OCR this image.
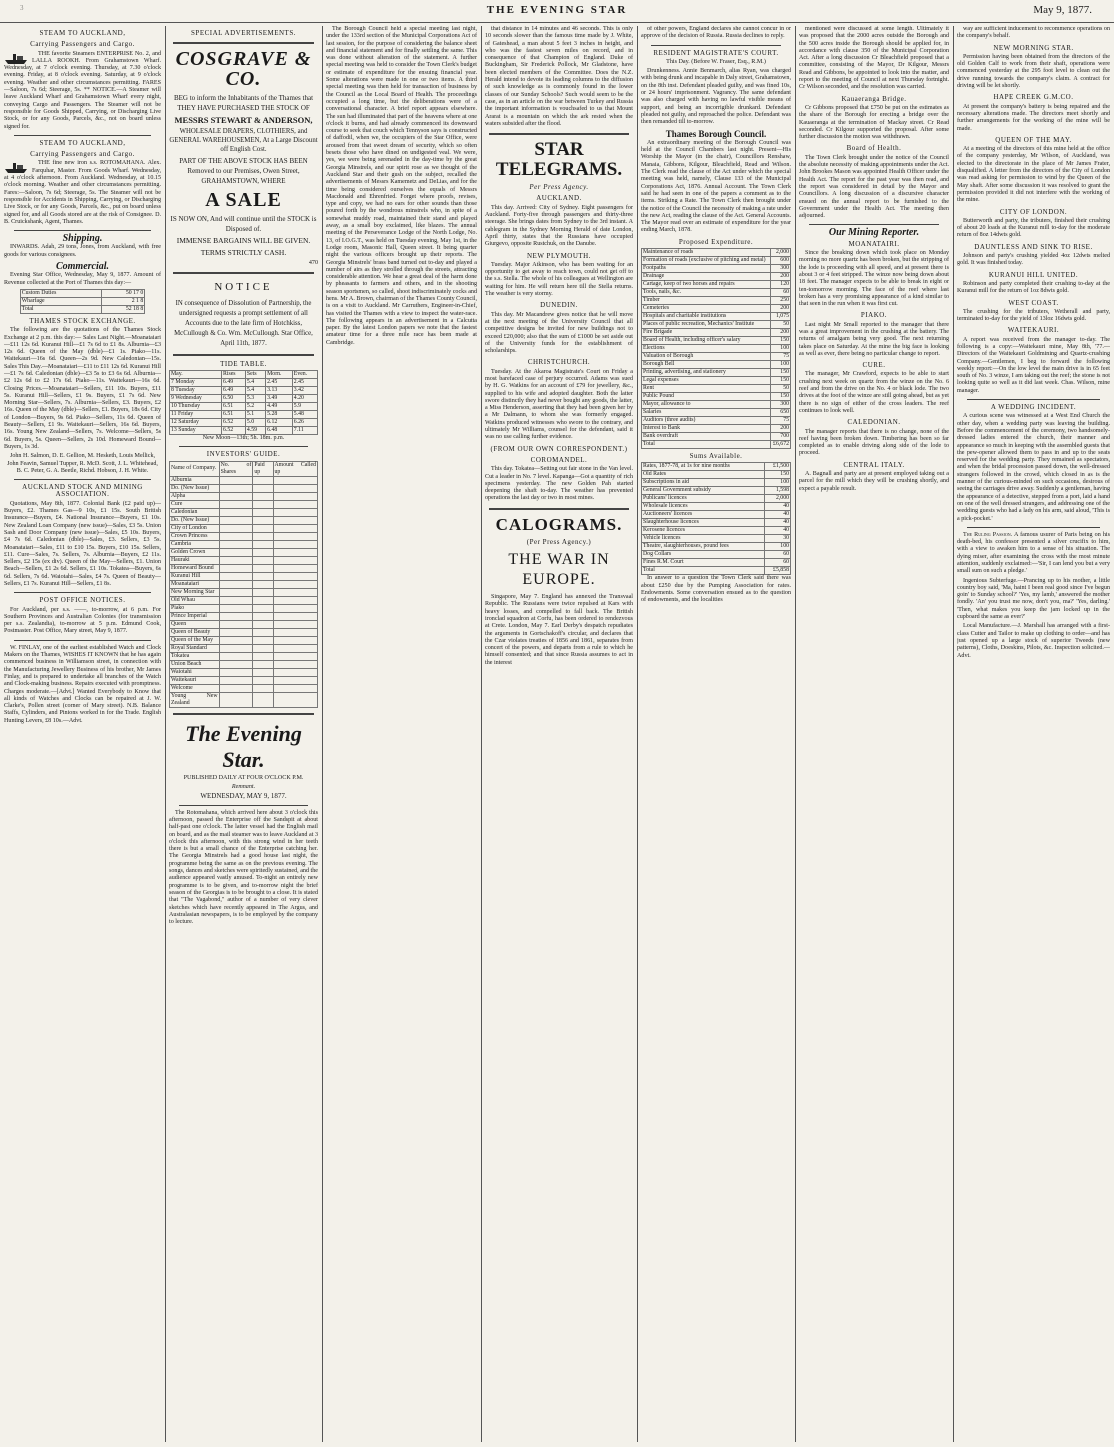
3	THE EVENING STAR	May 9, 1877.
STEAM TO AUCKLAND,
Carrying Passengers and Cargo.

THE favorite Steamers ENTERPRISE No. 2, and LALLA ROOKH. From Grahamstown Wharf. Wednesday, at 7 o'clock evening. Thursday, at 7.30 o'clock evening. Friday, at 8 o'clock evening. Saturday, at 9 o'clock evening. Weather and other circumstances permitting. FARES—Saloon, 7s 6d; Steerage, 5s. ** NOTICE.—A Steamer will leave Auckland Wharf and Grahamstown Wharf every night, conveying Cargo and Passengers. The Steamer will not be responsible for Goods Shipped, Carrying, or Discharging Live Stock, or for any Goods, Parcels, &c., not on board unless signed for.

STEAM TO AUCKLAND,
Carrying Passengers and Cargo.

THE fine new iron s.s. ROTOMAHANA. Alex. Farquhar, Master. From Goods Wharf. Wednesday, at 4 o'clock afternoon. From Auckland. Wednesday, at 10.15 o'clock morning. Weather and other circumstances permitting. Fares:—Saloon, 7s 6d; Steerage, 5s. The Steamer will not be responsible for Accidents in Shipping, Carrying, or Discharging Live Stock, or for any Goods, Parcels, &c., put on board unless signed for, and all Goods stored are at the risk of Consignee. D. B. Cruickshank, Agent, Thames.

Shipping.

INWARDS. Adah, 29 tons, Jones, from Auckland, with free goods for various consignees.

Commercial.

Evening Star Office, Wednesday, May 9, 1877. Amount of Revenue collected at the Port of Thames this day:—

Custom Duties	50 17 0
Wharfage	2 1 8
Total	52 18 8
THAMES STOCK EXCHANGE.

The following are the quotations of the Thames Stock Exchange at 2 p.m. this day:— Sales Last Night.—Moanataiari—£11 12s 6d. Kuranui Hill—£1 7s 6d to £1 8s. Alburnia—£3 12s 6d. Queen of the May (dble)—£1 1s. Piako—11s. Waitekauri—16s 6d. Queen—2s 9d. New Caledonian—15s. Sales This Day.—Moanataiari—£11 to £11 12s 6d. Kuranui Hill—£1 7s 6d. Caledonian (dble)—£3 5s to £3 6s 6d. Alburnia—£2 12s 6d to £2 17s 6d. Piako—11s. Waitekauri—16s 6d. Closing Prices.—Moanataiari—Sellers, £11 10s. Buyers, £11 5s. Kuranui Hill—Sellers, £1 9s. Buyers, £1 7s 6d. New Morning Star—Sellers, 7s. Alburnia—Sellers, £3. Buyers, £2 16s. Queen of the May (dble)—Sellers, £1. Buyers, 18s 6d. City of London—Buyers, 9s 6d. Piako—Sellers, 11s 6d. Queen of Beauty—Sellers, £1 9s. Waitekauri—Sellers, 16s 6d. Buyers, 16s. Young New Zealand—Sellers, 7s. Welcome—Sellers, 5s 6d. Buyers, 5s. Queen—Sellers, 2s 10d. Homeward Bound—Buyers, 1s 3d.

John H. Salmon, D. E. Gellion, M. Hesketh, Louis Mellick, John Feavin, Samuel Tupper, R. McD. Scott, J. L. Whitehead, B. C. Peter, G. A. Beetle, Richd. Hobson, J. H. White.

AUCKLAND STOCK AND MINING ASSOCIATION.

Quotations, May 8th, 1877. Colonial Bank (£2 paid up)—Buyers, £2. Thames Gas—9 10s, £1 15s. South British Insurance—Buyers, £4. National Insurance—Buyers, £1 10s. New Zealand Loan Company (new issue)—Sales, £3 5s. Union Sash and Door Company (new issue)—Sales, £5 10s. Buyers, £4 7s 6d. Caledonian (dble)—Sales, £3. Sellers, £3 5s. Moanataiari—Sales, £11 to £10 15s. Buyers, £10 15s. Sellers, £11. Cure—Sales, 7s. Sellers, 7s. Alburnia—Buyers, £2 11s. Sellers, £2 15s (ex div). Queen of the May—Sellers, £1. Union Beach—Sellers, £1 2s 6d. Sellers, £1 10s. Tokatea—Buyers, 6s 6d. Sellers, 7s 6d. Waiotahi—Sales, £4 7s. Queen of Beauty—Sellers, £1 7s. Kuranui Hill—Sellers, £1 8s.

POST OFFICE NOTICES.

For Auckland, per s.s. ——, to-morrow, at 6 p.m. For Southern Provinces and Australian Colonies (for transmission per s.s. Zealandia), to-morrow at 5 p.m. Edmund Cook, Postmaster. Post Office, Mary street, May 9, 1877.

W. FINLAY, one of the earliest established Watch and Clock Makers on the Thames, WISHES IT KNOWN that he has again commenced business in Williamson street, in connection with the Manufacturing Jewellery Business of his brother, Mr James Finlay, and is prepared to undertake all branches of the Watch and Clock-making business. Repairs executed with promptness. Charges moderate.—[Advt.] Wanted Everybody to Know that all kinds of Watches and Clocks can be repaired at J. W. Clarke's, Pollen street (corner of Mary street). N.B. Balance Staffs, Cylinders, and Pinions worked in for the Trade. English Hunting Levers, £8 10s.—Advt.

SPECIAL ADVERTISEMENTS.
COSGRAVE & CO.

BEG to inform the Inhabitants of the Thames that THEY HAVE PURCHASED THE STOCK OF

MESSRS STEWART & ANDERSON,

WHOLESALE DRAPERS, CLOTHIERS, and GENERAL WAREHOUSEMEN, At a Large Discount off English Cost.

PART OF THE ABOVE STOCK HAS BEEN Removed to our Premises, Owen Street, GRAHAMSTOWN, WHERE

A SALE

IS NOW ON, And will continue until the STOCK is Disposed of.

IMMENSE BARGAINS WILL BE GIVEN.

TERMS STRICTLY CASH.

470

NOTICE

IN consequence of Dissolution of Partnership, the undersigned requests a prompt settlement of all Accounts due to the late firm of Hotchkiss, McCullough & Co. Wm. McCullough. Star Office, April 11th, 1877.

TIDE TABLE.
May.	Rises	Sets	Morn.	Even.
7 Monday	6.49	5.4	2.45	2.45
8 Tuesday	6.49	5.4	3.13	3.42
9 Wednesday	6.50	5.3	3.49	4.20
10 Thursday	6.51	5.2	4.49	5.9
11 Friday	6.51	5.1	5.28	5.48
12 Saturday	6.52	5.0	6.12	6.26
13 Sunday	6.52	4.59	6.48	7.11

New Moon—13th; 5h. 18m. p.m.

INVESTORS' GUIDE.
Name of Company.	No. of Shares	Paid up	Amount Called up
Alburnia			
Do. (New Issue)			
Alpha			
Cure			
Caledonian			
Do. (New Issue)			
City of London			
Crown Princess			
Cambria			
Golden Crown			
Hauraki			
Homeward Bound			
Kuranui Hill			
Moanataiari			
New Morning Star			
Old Whau			
Piako			
Prince Imperial			
Queen			
Queen of Beauty			
Queen of the May			
Royal Standard			
Tokatea			
Union Beach			
Waiotahi			
Waitekauri			
Welcome			
Young New Zealand			
The Evening Star.

PUBLISHED DAILY AT FOUR O'CLOCK P.M.

Remnant.

WEDNESDAY, MAY 9, 1877.

The Rotomahana, which arrived here about 3 o'clock this afternoon, passed the Enterprise off the Sandspit at about half-past one o'clock. The latter vessel had the English mail on board, and as the mail steamer was to leave Auckland at 3 o'clock this afternoon, with this strong wind in her teeth there is but a small chance of the Enterprise catching her. The Georgia Minstrels had a good house last night, the programme being the same as on the previous evening. The songs, dances and sketches were spiritedly sustained, and the audience appeared vastly amused. To-night an entirely new programme is to be given, and to-morrow night the brief season of the Georgias is to be brought to a close. It is stated that "The Vagabond," author of a number of very clever sketches which have recently appeared in The Argus, and Australasian newspapers, is to be employed by the company to lecture.

The Borough Council held a special meeting last night, under the 133rd section of the Municipal Corporations Act of last session, for the purpose of considering the balance sheet and financial statement and for finally settling the same. This was done without alteration of the statement. A further special meeting was held to consider the Town Clerk's budget or estimate of expenditure for the ensuing financial year. Some alterations were made in one or two items. A third special meeting was then held for transaction of business by the Council as the Local Board of Health. The proceedings occupied a long time, but the deliberations were of a conversational character. A brief report appears elsewhere. The sun had illuminated that part of the heavens where at one o'clock it burns, and had already commenced its downward course to seek that couch which Tennyson says is constructed of daffodil, when we, the occupiers of the Star Office, were aroused from that sweet dream of security, which so often besets those who have dined on undigested veal. We were, yes, we were being serenaded in the day-time by the great Georgia Minstrels, and our spirit rose as we thought of the Auckland Star and their gush on the subject, recalled the advertisements of Messrs Kamemetz and DeLias, and for the time being considered ourselves the equals of Messrs Macdonald and Ehrenfried. Forget where proofs, revises, type and copy, we had no ears for other sounds than those poured forth by the wondrous minstrels who, in spite of a somewhat muddy road, maintained their stand and played away, as a small boy exclaimed, like blazes. The annual meeting of the Perseverance Lodge of the North Lodge, No. 13, of I.O.G.T., was held on Tuesday evening, May 1st, in the Lodge room, Masonic Hall, Queen street. It being quarter night the various officers brought up their reports. The Georgia Minstrels' brass band turned out to-day and played a number of airs as they strolled through the streets, attracting considerable attention. We hear a great deal of the harm done by pheasants to farmers and others, and in the shooting season sportsmen, so called, shoot indiscriminately cocks and hens. Mr A. Brown, chairman of the Thames County Council, is on a visit to Auckland. Mr Carruthers, Engineer-in-Chief, has visited the Thames with a view to inspect the water-race. The following appears in an advertisement in a Calcutta paper. By the latest London papers we note that the fastest amateur time for a three mile race has been made at Cambridge.

that distance in 14 minutes and 46 seconds. This is only 10 seconds slower than the famous time made by J. White, of Gateshead, a man about 5 feet 3 inches in height, and who was the fastest seven miles on record, and in consequence of that Champion of England. Duke of Buckingham, Sir Frederick Pollock, Mr Gladstone, have been elected members of the Committee. Does the N.Z. Herald intend to devote its leading columns to the diffusion of such knowledge as is commonly found in the lower classes of our Sunday Schools? Such would seem to be the case, as in an article on the war between Turkey and Russia the important information is vouchsafed to us that Mount Ararat is a mountain on which the ark rested when the waters subsided after the flood.

STAR TELEGRAMS.
Per Press Agency.
AUCKLAND.

This day. Arrived: City of Sydney. Eight passengers for Auckland. Forty-five through passengers and thirty-three steerage. She brings dates from Sydney to the 3rd instant. A cablegram in the Sydney Morning Herald of date London, April thirty, states that the Russians have occupied Giurgevo, opposite Rustchuk, on the Danube.

NEW PLYMOUTH.

Tuesday. Major Atkinson, who has been waiting for an opportunity to get away to reach town, could not get off to the s.s. Stella. The whole of his colleagues at Wellington are waiting for him. He will return here till the Stella returns. The weather is very stormy.

DUNEDIN.

This day. Mr Macandrew gives notice that he will move at the next meeting of the University Council that all competitive designs be invited for new buildings not to exceed £20,000; also that the sum of £1000 be set aside out of the University funds for the establishment of scholarships.

CHRISTCHURCH.

Tuesday. At the Akaroa Magistrate's Court on Friday a most barefaced case of perjury occurred. Adams was sued by H. G. Watkins for an account of £79 for jewellery, &c., supplied to his wife and adopted daughter. Both the latter swore distinctly they had never bought any goods, the latter, a Miss Henderson, asserting that they had been given her by a Mr Dalmann, to whom she was formerly engaged. Watkins produced witnesses who swore to the contrary, and ultimately Mr Williams, counsel for the defendant, said it was no use calling further evidence.

(FROM OUR OWN CORRESPONDENT.)
COROMANDEL.

This day. Tokatea—Setting out fair stone in the Van level. Cut a leader in No. 7 level. Kapanga—Got a quantity of rich specimens yesterday. The new Golden Pah started deepening the shaft to-day. The weather has prevented operations the last day or two in most mines.

CALOGRAMS.
(Per Press Agency.)
THE WAR IN EUROPE.

Singapore, May 7. England has annexed the Transvaal Republic. The Russians were twice repulsed at Kars with heavy losses, and compelled to fall back. The British ironclad squadron at Corfu, has been ordered to rendezvous at Crete. London, May 7. Earl Derby's despatch repudiates the arguments in Gortschakoff's circular, and declares that the Czar violates treaties of 1856 and 1861, separates from concert of the powers, and departs from a rule to which he himself consented; and that since Russia assumes to act in the interest

of other powers, England declares she cannot concur in or approve of the decision of Russia. Russia declines to reply.

RESIDENT MAGISTRATE'S COURT.

This Day. (Before W. Fraser, Esq., R.M.)

Drunkenness. Annie Benmarch, alias Ryan, was charged with being drunk and incapable in Daly street, Grahamstown, on the 8th inst. Defendant pleaded guilty, and was fined 10s, or 24 hours' imprisonment. Vagrancy. The same defendant was also charged with having no lawful visible means of support, and being an incorrigible drunkard. Defendant pleaded not guilty, and reproached the police. Defendant was then remanded till to-morrow.

Thames Borough Council.

An extraordinary meeting of the Borough Council was held at the Council Chambers last night. Present—His Worship the Mayor (in the chair), Councillors Renshaw, Manaia, Gibbons, Kilgour, Bleachfield, Read and Wilson. The Clerk read the clause of the Act under which the special meeting was held, namely, Clause 133 of the Municipal Corporations Act, 1876. Annual Account. The Town Clerk said he had seen in one of the papers a comment as to the items. Striking a Rate. The Town Clerk then brought under the notice of the Council the necessity of making a rate under the new Act, reading the clause of the Act. General Accounts. The Mayor read over an estimate of expenditure for the year ending March, 1878.

Proposed Expenditure.
Maintenance of roads	2,000
Formation of roads (exclusive of pitching and metal)	600
Footpaths	300
Drainage	200
Cartage, keep of two horses and repairs	120
Tools, nails, &c.	60
Timber	250
Cemeteries	200
Hospitals and charitable institutions	1,075
Places of public recreation, Mechanics' Institute	50
Fire Brigade	200
Board of Health, including officer's salary	150
Elections	100
Valuation of Borough	75
Borough Bell	100
Printing, advertising, and stationery	150
Legal expenses	150
Rent	50
Public Pound	150
Mayor, allowance to	300
Salaries	650
Auditors (three audits)	75
Interest to Bank	200
Bank overdraft	700
Total	£6,672
Sums Available.
Rates, 1877-78, at 1s for nine months	£1,500
Old Rates	150
Subscriptions in aid	100
General Government subsidy	1,598
Publicans' licences	2,000
Wholesale licences	40
Auctioneers' licences	40
Slaughterhouse licences	40
Kerosene licences	40
Vehicle licences	30
Theatre, slaughterhouses, pound fees	100
Dog Collars	60
Fines R.M. Court	60
Total	£5,858

In answer to a question the Town Clerk said there was about £250 due by the Pumping Association for rates. Endowments. Some conversation ensued as to the question of endowments, and the localities

mentioned were discussed at some length. Ultimately it was proposed that the 2000 acres outside the Borough and the 500 acres inside the Borough should be applied for, in accordance with clause 350 of the Municipal Corporation Act. After a long discussion Cr Bleachfield proposed that a committee, consisting of the Mayor, Dr Kilgour, Messrs Read and Gibbons, be appointed to look into the matter, and report to the meeting of Council at next Thursday fortnight. Cr Wilson seconded, and the resolution was carried.

Kauaeranga Bridge.

Cr Gibbons proposed that £750 be put on the estimates as the share of the Borough for erecting a bridge over the Kauaeranga at the termination of Mackay street. Cr Read seconded. Cr Kilgour supported the proposal. After some further discussion the motion was withdrawn.

Board of Health.

The Town Clerk brought under the notice of the Council the absolute necessity of making appointments under the Act. John Brookes Mason was appointed Health Officer under the Health Act. The report for the past year was then read, and the report was considered in detail by the Mayor and Councillors. A long discussion of a discursive character ensued on the annual report to be furnished to the Government under the Health Act. The meeting then adjourned.

Our Mining Reporter.
MOANATAIRI.

Since the breaking down which took place on Monday morning no more quartz has been broken, but the stripping of the lode is proceeding with all speed, and at present there is about 3 or 4 feet stripped. The winze now being down about 18 feet. The manager expects to be able to break in eight or ten-tomorrow morning. The face of the reef where last broken has a very promising appearance of a kind similar to that seen in the run when it was first cut.

PIAKO.

Last night Mr Small reported to the manager that there was a great improvement in the crushing at the battery. The returns of amalgam being very good. The next returning takes place on Saturday. At the mine the big face is looking as well as ever, there being no particular change to report.

CURE.

The manager, Mr Crawford, expects to be able to start crushing next week on quartz from the winze on the No. 6 reef and from the drive on the No. 4 or black lode. The two drives at the foot of the winze are still going ahead, but as yet there is no sign of either of the cross leaders. The reef continues to look well.

CALEDONIAN.

The manager reports that there is no change, none of the reef having been broken down. Timbering has been so far completed as to enable driving along side of the lode to proceed.

CENTRAL ITALY.

A. Bagnall and party are at present employed taking out a parcel for the mill which they will be crushing shortly, and expect a payable result.

way are sufficient inducement to recommence operations on the company's behalf.

NEW MORNING STAR.

Permission having been obtained from the directors of the old Golden Calf to work from their shaft, operations were commenced yesterday at the 295 foot level to clean out the drive running towards the company's claim. A contract for driving will be let shortly.

HAPE CREEK G.M.CO.

At present the company's battery is being repaired and the necessary alterations made. The directors meet shortly and further arrangements for the working of the mine will be made.

QUEEN OF THE MAY.

At a meeting of the directors of this mine held at the office of the company yesterday, Mr Wilson, of Auckland, was elected to the directorate in the place of Mr James Frater, disqualified. A letter from the directors of the City of London was read asking for permission to wind by the Queen of the May shaft. After some discussion it was resolved to grant the permission provided it did not interfere with the working of the mine.

CITY OF LONDON.

Butterworth and party, the tributers, finished their crushing of about 20 loads at the Kuranui mill to-day for the moderate return of 8oz 14dwts gold.

DAUNTLESS AND SINK TO RISE.

Johnson and party's crushing yielded 4oz 12dwts melted gold. It was finished today.

KURANUI HILL UNITED.

Robinson and party completed their crushing to-day at the Kuranui mill for the return of 1oz 8dwts gold.

WEST COAST.

The crushing for the tributers, Wetherall and party, terminated to-day for the yield of 13loz 16dwts gold.

WAITEKAURI.

A report was received from the manager to-day. The following is a copy:—Waitekauri mine, May 8th, '77.—Directors of the Waitekauri Goldmining and Quartz-crushing Company.—Gentlemen, I beg to forward the following weekly report:—On the low level the main drive is in 65 feet south of No. 3 winze, I am taking out the reef; the stone is not looking quite so well as it did last week. Chas. Wilson, mine manager.

A WEDDING INCIDENT.

A curious scene was witnessed at a West End Church the other day, when a wedding party was leaving the building. Before the commencement of the ceremony, two handsomely-dressed ladies entered the church, their manner and appearance so much in keeping with the assembled guests that the pew-opener allowed them to pass in and up to the seats reserved for the wedding party. They remained as spectators, and when the bridal procession passed down, the well-dressed strangers followed in the crowd, which closed in as is the manner of the curious-minded on such occasions, desirous of seeing the carriages drive away. Suddenly a gentleman, having the appearance of a detective, stepped from a port, laid a hand on one of the well dressed strangers, and addressing one of the wedding guests who had a lady on his arm, said aloud, 'This is a pick-pocket.'

The Ruling Passion. A famous usurer of Paris being on his death-bed, his confessor presented a silver crucifix to him, with a view to awaken him to a sense of his situation. The dying miser, after examining the cross with the most minute attention, suddenly exclaimed:—'Sir, I can lend you but a very small sum on such a pledge.'

Ingenious Subterfuge.—Prancing up to his mother, a little country boy said, 'Ma, haint I been real good since I've begun goin' to Sunday school?' 'Yes, my lamb,' answered the mother fondly. 'An' you trust me now, don't you, ma?' 'Yes, darling.' 'Then, what makes you keep the jam locked up in the cupboard the same as ever?'

Local Manufacture.—J. Marshall has arranged with a first-class Cutter and Tailor to make up clothing to order—and has just opened up a large stock of superior Tweeds (new patterns), Cloths, Doeskins, Pilots, &c. Inspection solicited.—Advt.
